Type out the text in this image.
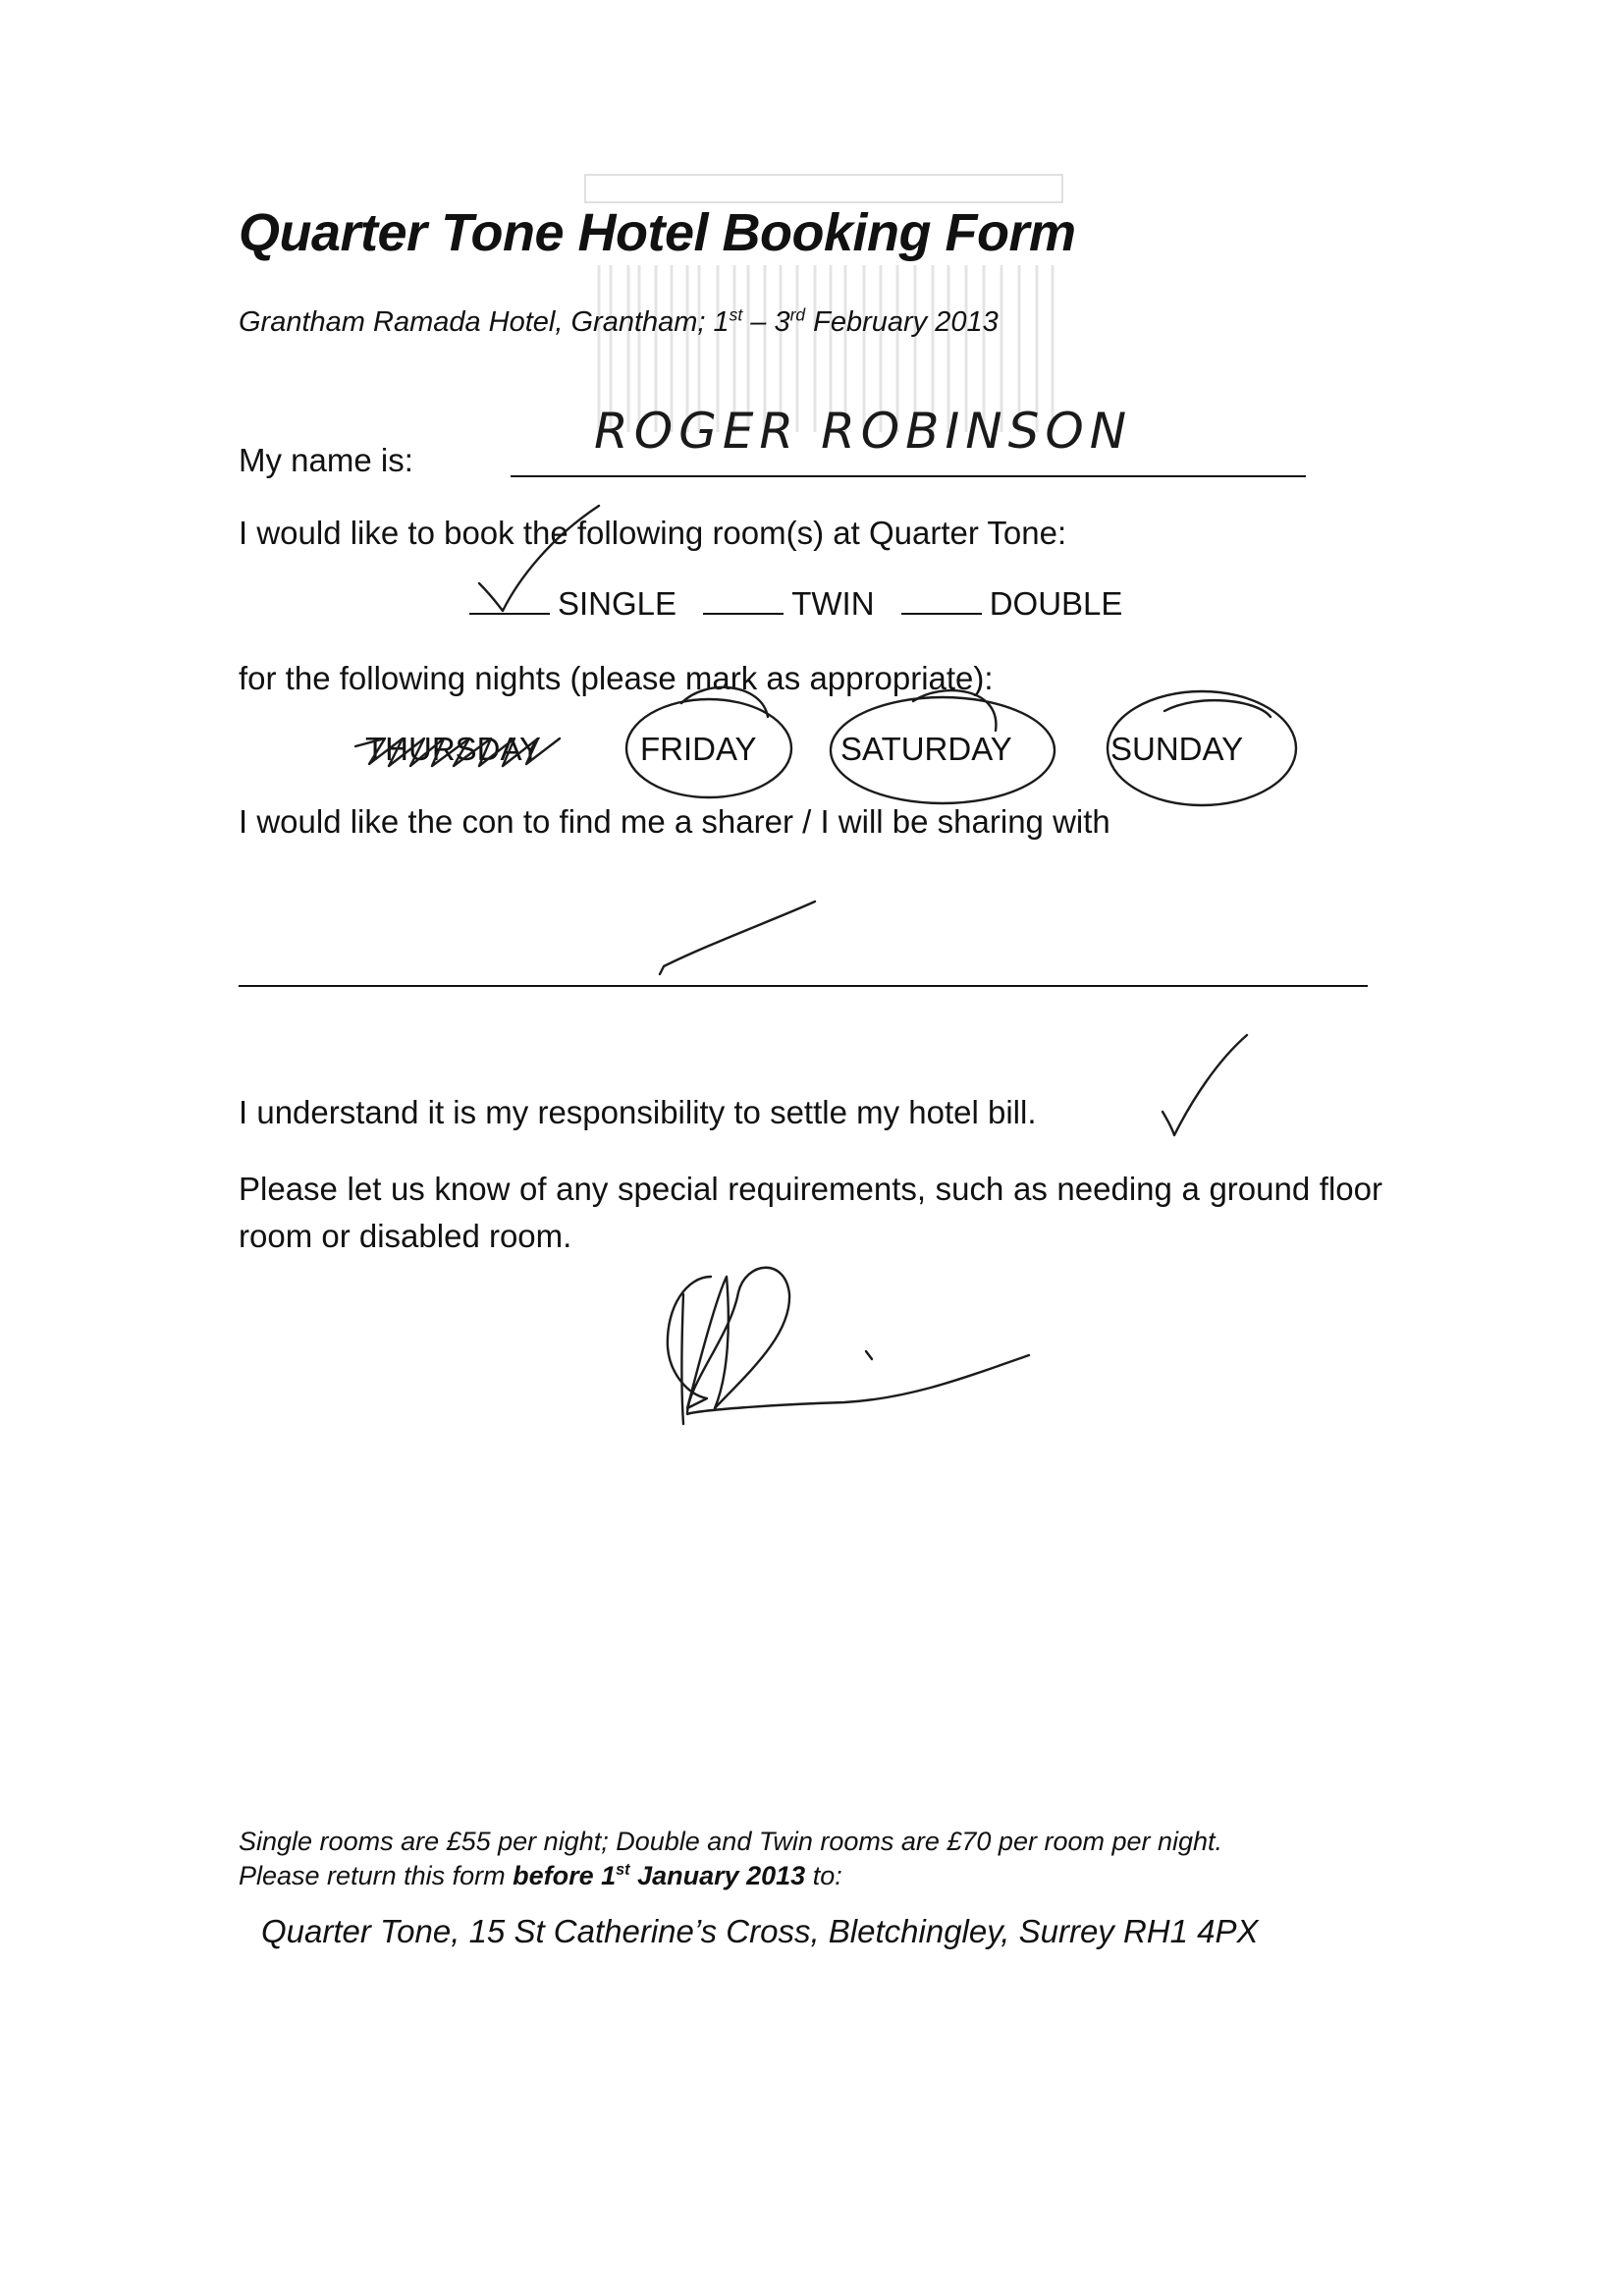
Quarter Tone Hotel Booking Form
Grantham Ramada Hotel, Grantham; 1st – 3rd February 2013
My name is:
ROGER ROBINSON
I would like to book the following room(s) at Quarter Tone:
SINGLE	TWIN	DOUBLE
for the following nights (please mark as appropriate):
THURSDAY	FRIDAY	SATURDAY	SUNDAY
I would like the con to find me a sharer / I will be sharing with
I understand it is my responsibility to settle my hotel bill.
Please let us know of any special requirements, such as needing a ground floor room or disabled room.
Single rooms are £55 per night; Double and Twin rooms are £70 per room per night.
Please return this form before 1st January 2013 to:
Quarter Tone, 15 St Catherine’s Cross, Bletchingley, Surrey RH1 4PX
